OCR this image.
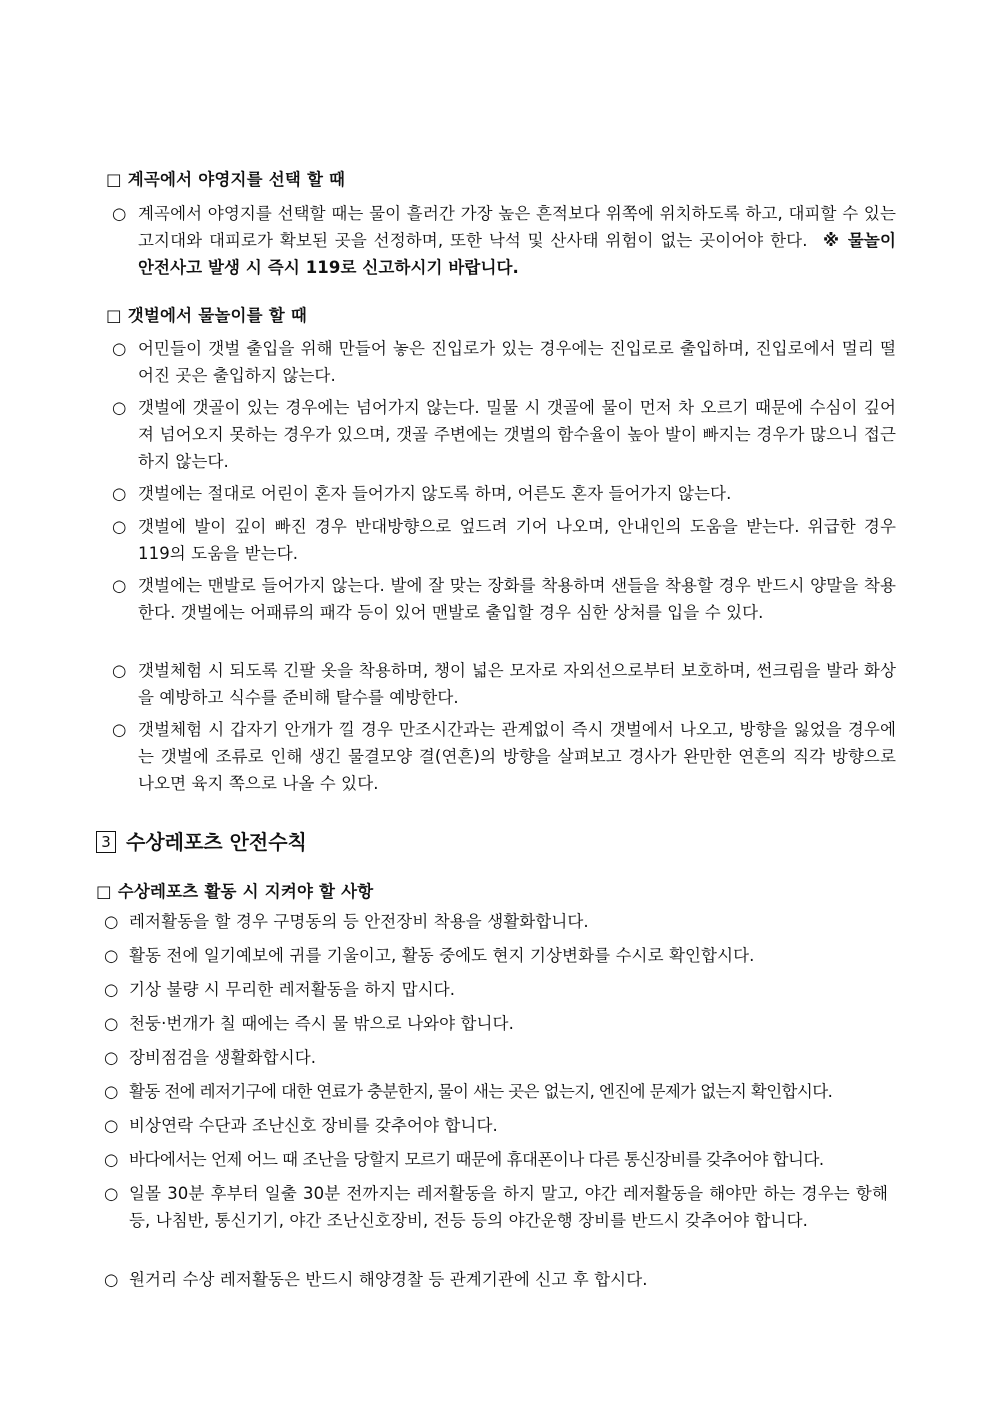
□ 계곡에서 야영지를 선택 할 때
○ 계곡에서 야영지를 선택할 때는 물이 흘러간 가장 높은 흔적보다 위쪽에 위치하도록 하고, 대피할 수 있는 고지대와 대피로가 확보된 곳을 선정하며, 또한 낙석 및 산사태 위험이 없는 곳이어야 한다. ※ 물놀이 안전사고 발생 시 즉시 119로 신고하시기 바랍니다.
□ 갯벌에서 물놀이를 할 때
○ 어민들이 갯벌 출입을 위해 만들어 놓은 진입로가 있는 경우에는 진입로로 출입하며, 진입로에서 멀리 떨어진 곳은 출입하지 않는다.
○ 갯벌에 갯골이 있는 경우에는 넘어가지 않는다. 밀물 시 갯골에 물이 먼저 차 오르기 때문에 수심이 깊어져 넘어오지 못하는 경우가 있으며, 갯골 주변에는 갯벌의 함수율이 높아 발이 빠지는 경우가 많으니 접근하지 않는다.
○ 갯벌에는 절대로 어린이 혼자 들어가지 않도록 하며, 어른도 혼자 들어가지 않는다.
○ 갯벌에 발이 깊이 빠진 경우 반대방향으로 엎드려 기어 나오며, 안내인의 도움을 받는다. 위급한 경우 119의 도움을 받는다.
○ 갯벌에는 맨발로 들어가지 않는다. 발에 잘 맞는 장화를 착용하며 샌들을 착용할 경우 반드시 양말을 착용한다. 갯벌에는 어패류의 패각 등이 있어 맨발로 출입할 경우 심한 상처를 입을 수 있다.
○ 갯벌체험 시 되도록 긴팔 옷을 착용하며, 챙이 넓은 모자로 자외선으로부터 보호하며, 썬크림을 발라 화상을 예방하고 식수를 준비해 탈수를 예방한다.
○ 갯벌체험 시 갑자기 안개가 낄 경우 만조시간과는 관계없이 즉시 갯벌에서 나오고, 방향을 잃었을 경우에는 갯벌에 조류로 인해 생긴 물결모양 결(연흔)의 방향을 살펴보고 경사가 완만한 연흔의 직각 방향으로 나오면 육지 쪽으로 나올 수 있다.
3 수상레포츠 안전수칙
□ 수상레포츠 활동 시 지켜야 할 사항
○ 레저활동을 할 경우 구명동의 등 안전장비 착용을 생활화합니다.
○ 활동 전에 일기예보에 귀를 기울이고, 활동 중에도 현지 기상변화를 수시로 확인합시다.
○ 기상 불량 시 무리한 레저활동을 하지 맙시다.
○ 천둥·번개가 칠 때에는 즉시 물 밖으로 나와야 합니다.
○ 장비점검을 생활화합시다.
○ 활동 전에 레저기구에 대한 연료가 충분한지, 물이 새는 곳은 없는지, 엔진에 문제가 없는지 확인합시다.
○ 비상연락 수단과 조난신호 장비를 갖추어야 합니다.
○ 바다에서는 언제 어느 때 조난을 당할지 모르기 때문에 휴대폰이나 다른 통신장비를 갖추어야 합니다.
○ 일몰 30분 후부터 일출 30분 전까지는 레저활동을 하지 말고, 야간 레저활동을 해야만 하는 경우는 항해등, 나침반, 통신기기, 야간 조난신호장비, 전등 등의 야간운행 장비를 반드시 갖추어야 합니다.
○ 원거리 수상 레저활동은 반드시 해양경찰 등 관계기관에 신고 후 합시다.
